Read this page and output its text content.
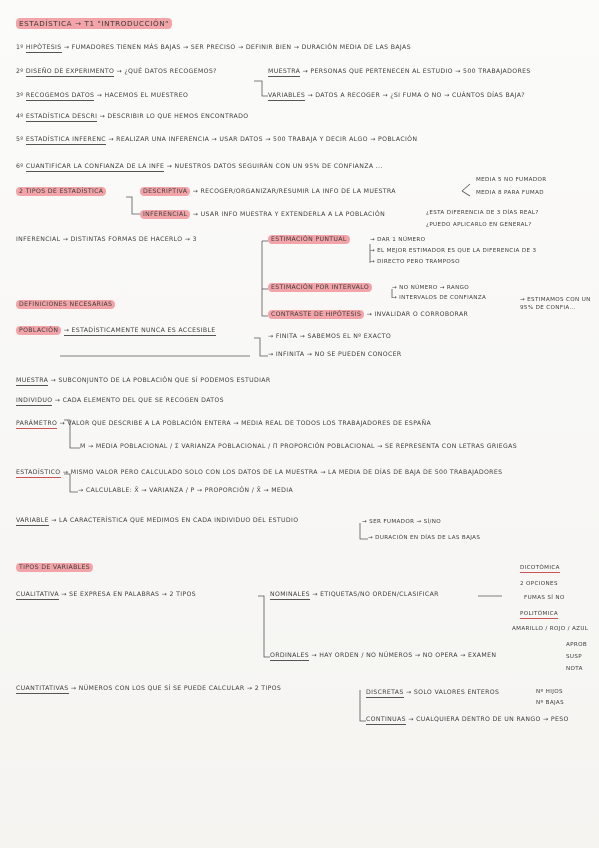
ESTADÍSTICA → T1 "INTRODUCCIÓN"
1º HIPÓTESIS → FUMADORES TIENEN MÁS BAJAS → SER PRECISO → DEFINIR BIEN → DURACIÓN MEDIA DE LAS BAJAS
2º DISEÑO DE EXPERIMENTO → ¿QUÉ DATOS RECOGEMOS?	MUESTRA → PERSONAS QUE PERTENECEN AL ESTUDIO → 500 TRABAJADORES
3º RECOGEMOS DATOS → HACEMOS EL MUESTREO	VARIABLES → DATOS A RECOGER → ¿SI FUMA O NO → CUÁNTOS DÍAS BAJA?
4º ESTADÍSTICA DESCRI → DESCRIBIR LO QUE HEMOS ENCONTRADO
5º ESTADÍSTICA INFERENC → REALIZAR UNA INFERENCIA → USAR DATOS → 500 TRABAJA Y DECIR ALGO → POBLACIÓN
6º CUANTIFICAR LA CONFIANZA DE LA INFE → NUESTROS DATOS SEGUIRÁN CON UN 95% DE CONFIANZA ...
2 TIPOS DE ESTADÍSTICA	DESCRIPTIVA → RECOGER/ORGANIZAR/RESUMIR LA INFO DE LA MUESTRA
MEDIA 5 NO FUMADOR
MEDIA 8 PARA FUMAD
INFERENCIAL → USAR INFO MUESTRA Y EXTENDERLA A LA POBLACIÓN	¿ESTA DIFERENCIA DE 3 DÍAS REAL?
¿PUEDO APLICARLO EN GENERAL?
INFERENCIAL → DISTINTAS FORMAS DE HACERLO → 3	ESTIMACIÓN PUNTUAL	→ DAR 1 NÚMERO
→ EL MEJOR ESTIMADOR ES QUE LA DIFERENCIA DE 3
→ DIRECTO PERO TRAMPOSO
ESTIMACIÓN POR INTERVALO	→ NO NÚMERO → RANGO
→ INTERVALOS DE CONFIANZA	→ ESTIMAMOS CON UN 95% DE CONFIA...
CONTRASTE DE HIPÓTESIS → INVALIDAR O CORROBORAR
DEFINICIONES NECESARIAS
POBLACIÓN → ESTADÍSTICAMENTE NUNCA ES ACCESIBLE
→ FINITA → SABEMOS EL Nº EXACTO
→ INFINITA → NO SE PUEDEN CONOCER
MUESTRA → SUBCONJUNTO DE LA POBLACIÓN QUE SÍ PODEMOS ESTUDIAR
INDIVIDUO → CADA ELEMENTO DEL QUE SE RECOGEN DATOS
PARÁMETRO → VALOR QUE DESCRIBE A LA POBLACIÓN ENTERA → MEDIA REAL DE TODOS LOS TRABAJADORES DE ESPAÑA
Μ → MEDIA POBLACIONAL / Σ VARIANZA POBLACIONAL / Π PROPORCIÓN POBLACIONAL → SE REPRESENTA CON LETRAS GRIEGAS
ESTADÍSTICO → MISMO VALOR PERO CALCULADO SOLO CON LOS DATOS DE LA MUESTRA → LA MEDIA DE DÍAS DE BAJA DE 500 TRABAJADORES
→ CALCULABLE: X̄ → VARIANZA / P → PROPORCIÓN / X̄ → MEDIA
VARIABLE → LA CARACTERÍSTICA QUE MEDIMOS EN CADA INDIVIDUO DEL ESTUDIO	→ SER FUMADOR → SÍ/NO
→ DURACIÓN EN DÍAS DE LAS BAJAS
TIPOS DE VARIABLES
CUALITATIVA → SE EXPRESA EN PALABRAS → 2 TIPOS	NOMINALES → ETIQUETAS/NO ORDEN/CLASIFICAR
DICOTÓMICA
2 OPCIONES
FUMAS SÍ NO
POLITÓMICA
AMARILLO / ROJO / AZUL
ORDINALES → HAY ORDEN / NO NÚMEROS → NO OPERA → EXAMEN
APROB
SUSP
NOTA
CUANTITATIVAS → NÚMEROS CON LOS QUE SÍ SE PUEDE CALCULAR → 2 TIPOS
DISCRETAS → SOLO VALORES ENTEROS	Nº HIJOS
Nº BAJAS
CONTINUAS → CUALQUIERA DENTRO DE UN RANGO → PESO
